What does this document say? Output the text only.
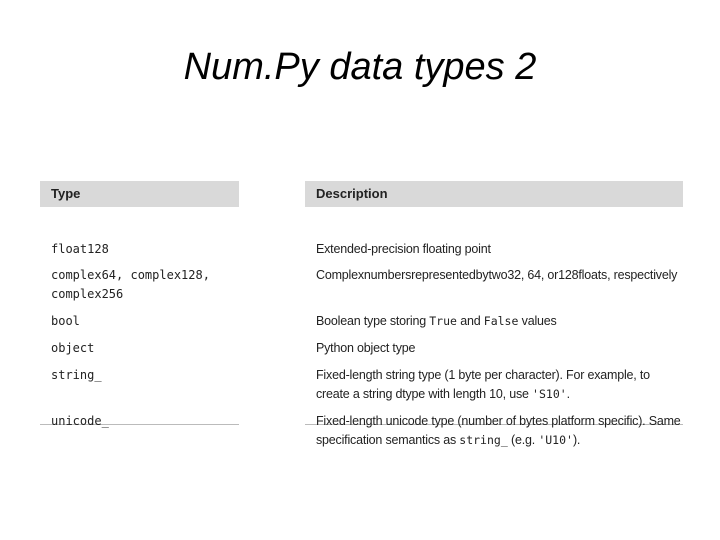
Num.Py data types 2
Type
float128
complex64, complex128, complex256
bool
object
string_
unicode_
Description
Extended-precision floating point
Complexnumbersrepresentedbytwo32, 64, or128floats, respectively
Boolean type storing True and False values
Python object type
Fixed-length string type (1 byte per character). For example, to create a string dtype with length 10, use 'S10'.
Fixed-length unicode type (number of bytes platform specific). Same specification semantics as string_ (e.g. 'U10').
